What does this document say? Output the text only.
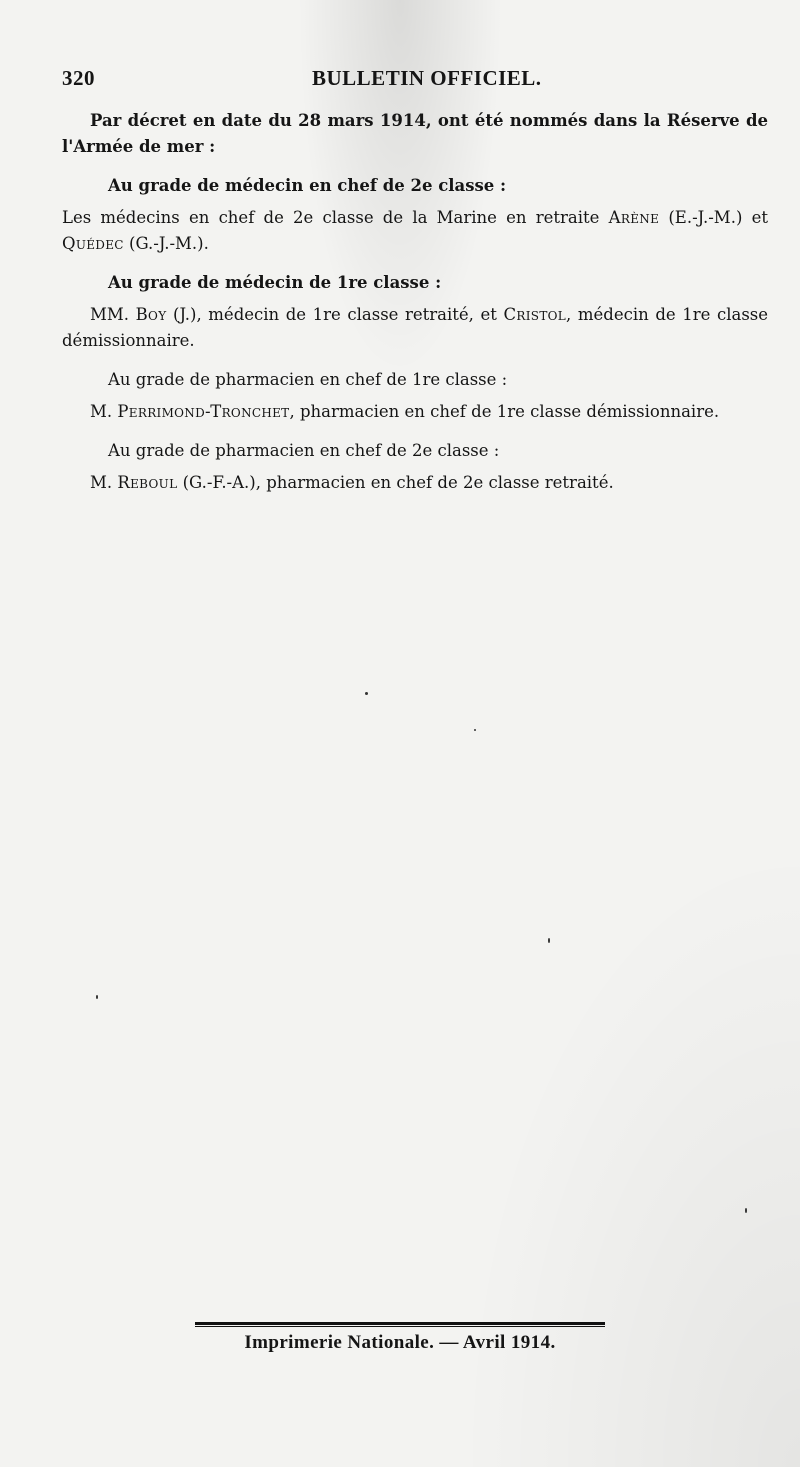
320	BULLETIN OFFICIEL.

Par décret en date du 28 mars 1914, ont été nommés dans la Réserve de l'Armée de mer :

Au grade de médecin en chef de 2e classe :

Les médecins en chef de 2e classe de la Marine en retraite Arène (E.-J.-M.) et Quédec (G.-J.-M.).

Au grade de médecin de 1re classe :

MM. Boy (J.), médecin de 1re classe retraité, et Cristol, médecin de 1re classe démissionnaire.

Au grade de pharmacien en chef de 1re classe :

M. Perrimond-Tronchet, pharmacien en chef de 1re classe démissionnaire.

Au grade de pharmacien en chef de 2e classe :

M. Reboul (G.-F.-A.), pharmacien en chef de 2e classe retraité.

Imprimerie Nationale. — Avril 1914.
